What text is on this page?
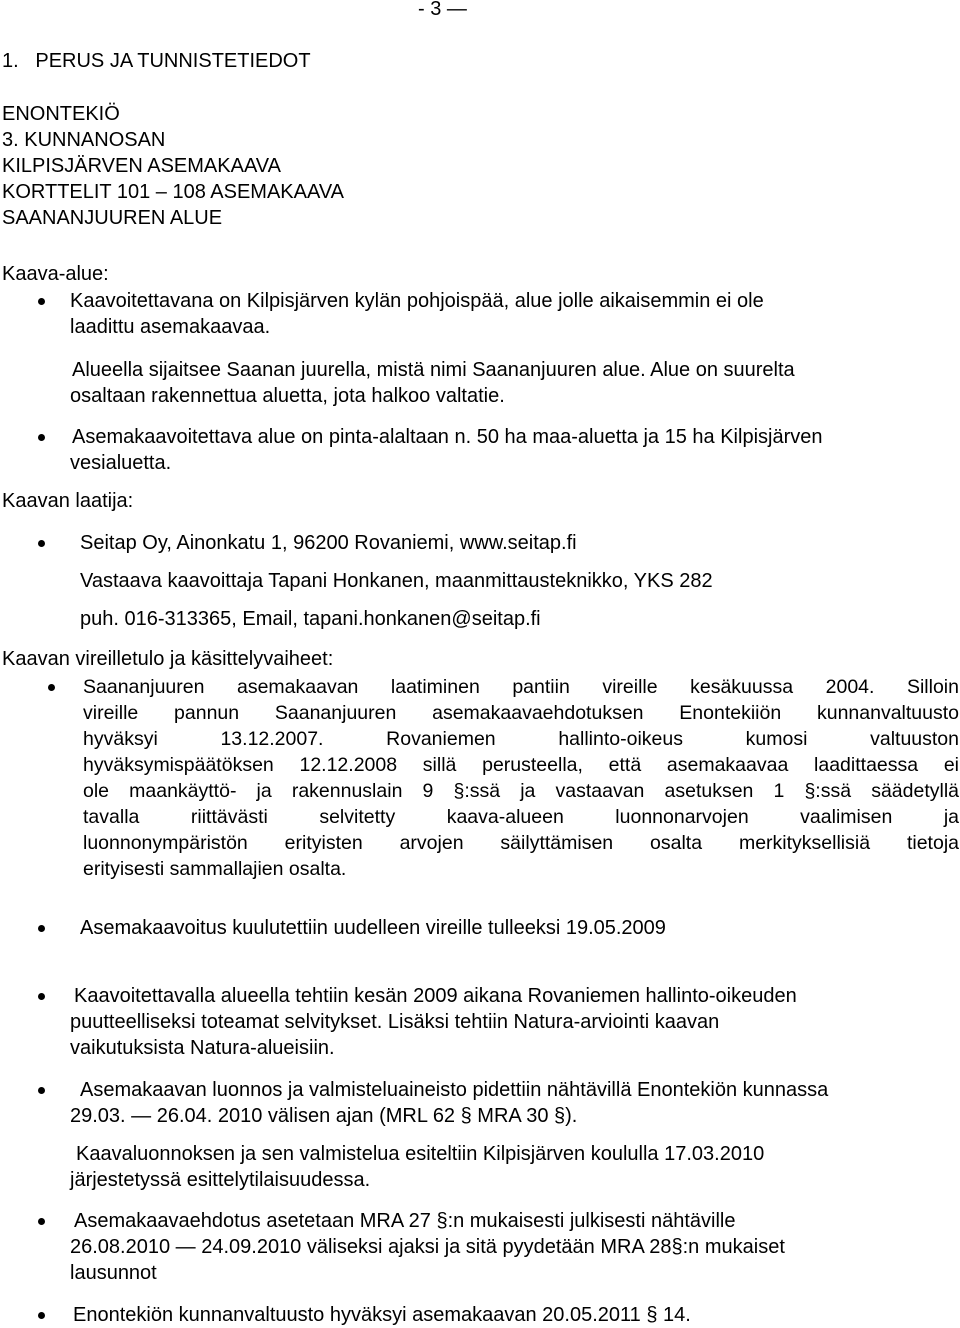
- 3 —
1.   PERUS JA TUNNISTETIEDOT
ENONTEKIÖ
3. KUNNANOSAN
KILPISJÄRVEN ASEMAKAAVA
KORTTELIT 101 – 108 ASEMAKAAVA
SAANANJUUREN ALUE
Kaava-alue:
Kaavoitettavana on Kilpisjärven kylän pohjoispää, alue jolle aikaisemmin ei ole
laadittu asemakaavaa.
Alueella sijaitsee Saanan juurella, mistä nimi Saananjuuren alue. Alue on suurelta
osaltaan rakennettua aluetta, jota halkoo valtatie.
Asemakaavoitettava alue on pinta-alaltaan n. 50 ha maa-aluetta ja 15 ha Kilpisjärven
vesialuetta.
Kaavan laatija:
Seitap Oy, Ainonkatu 1, 96200 Rovaniemi, www.seitap.fi
Vastaava kaavoittaja Tapani Honkanen, maanmittausteknikko, YKS 282
puh. 016-313365, Email, tapani.honkanen@seitap.fi
Kaavan vireilletulo ja käsittelyvaiheet:
Saananjuuren asemakaavan laatiminen pantiin vireille kesäkuussa 2004. Silloin
vireille pannun Saananjuuren asemakaavaehdotuksen Enontekiiön kunnanvaltuusto
hyväksyi 13.12.2007. Rovaniemen hallinto-oikeus kumosi valtuuston
hyväksymispäätöksen 12.12.2008 sillä perusteella, että asemakaavaa laadittaessa ei
ole maankäyttö- ja rakennuslain 9 §:ssä ja vastaavan asetuksen 1 §:ssä säädetyllä
tavalla riittävästi selvitetty kaava-alueen luonnonarvojen vaalimisen ja
luonnonympäristön erityisten arvojen säilyttämisen osalta merkityksellisiä tietoja
erityisesti sammallajien osalta.
Asemakaavoitus kuulutettiin uudelleen vireille tulleeksi 19.05.2009
Kaavoitettavalla alueella tehtiin kesän 2009 aikana Rovaniemen hallinto-oikeuden
puutteelliseksi toteamat selvitykset. Lisäksi tehtiin Natura-arviointi kaavan
vaikutuksista Natura-alueisiin.
Asemakaavan luonnos ja valmisteluaineisto pidettiin nähtävillä Enontekiön kunnassa
29.03. — 26.04. 2010 välisen ajan (MRL 62 § MRA 30 §).
Kaavaluonnoksen ja sen valmistelua esiteltiin Kilpisjärven koululla 17.03.2010
järjestetyssä esittelytilaisuudessa.
Asemakaavaehdotus asetetaan MRA 27 §:n mukaisesti julkisesti nähtäville
26.08.2010 — 24.09.2010 väliseksi ajaksi ja sitä pyydetään MRA 28§:n mukaiset
lausunnot
Enontekiön kunnanvaltuusto hyväksyi asemakaavan 20.05.2011 § 14.
